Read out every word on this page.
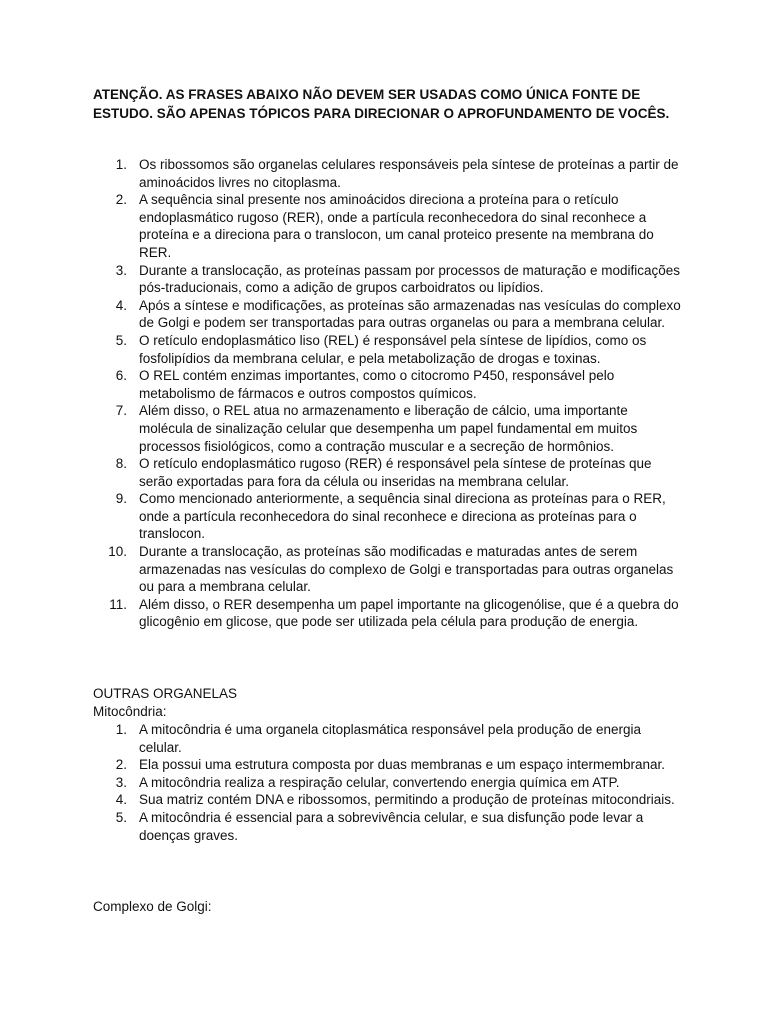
ATENÇÃO. AS FRASES ABAIXO NÃO DEVEM SER USADAS COMO ÚNICA FONTE DE ESTUDO. SÃO APENAS TÓPICOS PARA DIRECIONAR O APROFUNDAMENTO DE VOCÊS.

1. Os ribossomos são organelas celulares responsáveis pela síntese de proteínas a partir de aminoácidos livres no citoplasma.
2. A sequência sinal presente nos aminoácidos direciona a proteína para o retículo endoplasmático rugoso (RER), onde a partícula reconhecedora do sinal reconhece a proteína e a direciona para o translocon, um canal proteico presente na membrana do RER.
3. Durante a translocação, as proteínas passam por processos de maturação e modificações pós-traducionais, como a adição de grupos carboidratos ou lipídios.
4. Após a síntese e modificações, as proteínas são armazenadas nas vesículas do complexo de Golgi e podem ser transportadas para outras organelas ou para a membrana celular.
5. O retículo endoplasmático liso (REL) é responsável pela síntese de lipídios, como os fosfolipídios da membrana celular, e pela metabolização de drogas e toxinas.
6. O REL contém enzimas importantes, como o citocromo P450, responsável pelo metabolismo de fármacos e outros compostos químicos.
7. Além disso, o REL atua no armazenamento e liberação de cálcio, uma importante molécula de sinalização celular que desempenha um papel fundamental em muitos processos fisiológicos, como a contração muscular e a secreção de hormônios.
8. O retículo endoplasmático rugoso (RER) é responsável pela síntese de proteínas que serão exportadas para fora da célula ou inseridas na membrana celular.
9. Como mencionado anteriormente, a sequência sinal direciona as proteínas para o RER, onde a partícula reconhecedora do sinal reconhece e direciona as proteínas para o translocon.
10. Durante a translocação, as proteínas são modificadas e maturadas antes de serem armazenadas nas vesículas do complexo de Golgi e transportadas para outras organelas ou para a membrana celular.
11. Além disso, o RER desempenha um papel importante na glicogenólise, que é a quebra do glicogênio em glicose, que pode ser utilizada pela célula para produção de energia.
OUTRAS ORGANELAS
Mitocôndria:
1. A mitocôndria é uma organela citoplasmática responsável pela produção de energia celular.
2. Ela possui uma estrutura composta por duas membranas e um espaço intermembranar.
3. A mitocôndria realiza a respiração celular, convertendo energia química em ATP.
4. Sua matriz contém DNA e ribossomos, permitindo a produção de proteínas mitocondriais.
5. A mitocôndria é essencial para a sobrevivência celular, e sua disfunção pode levar a doenças graves.
Complexo de Golgi:
